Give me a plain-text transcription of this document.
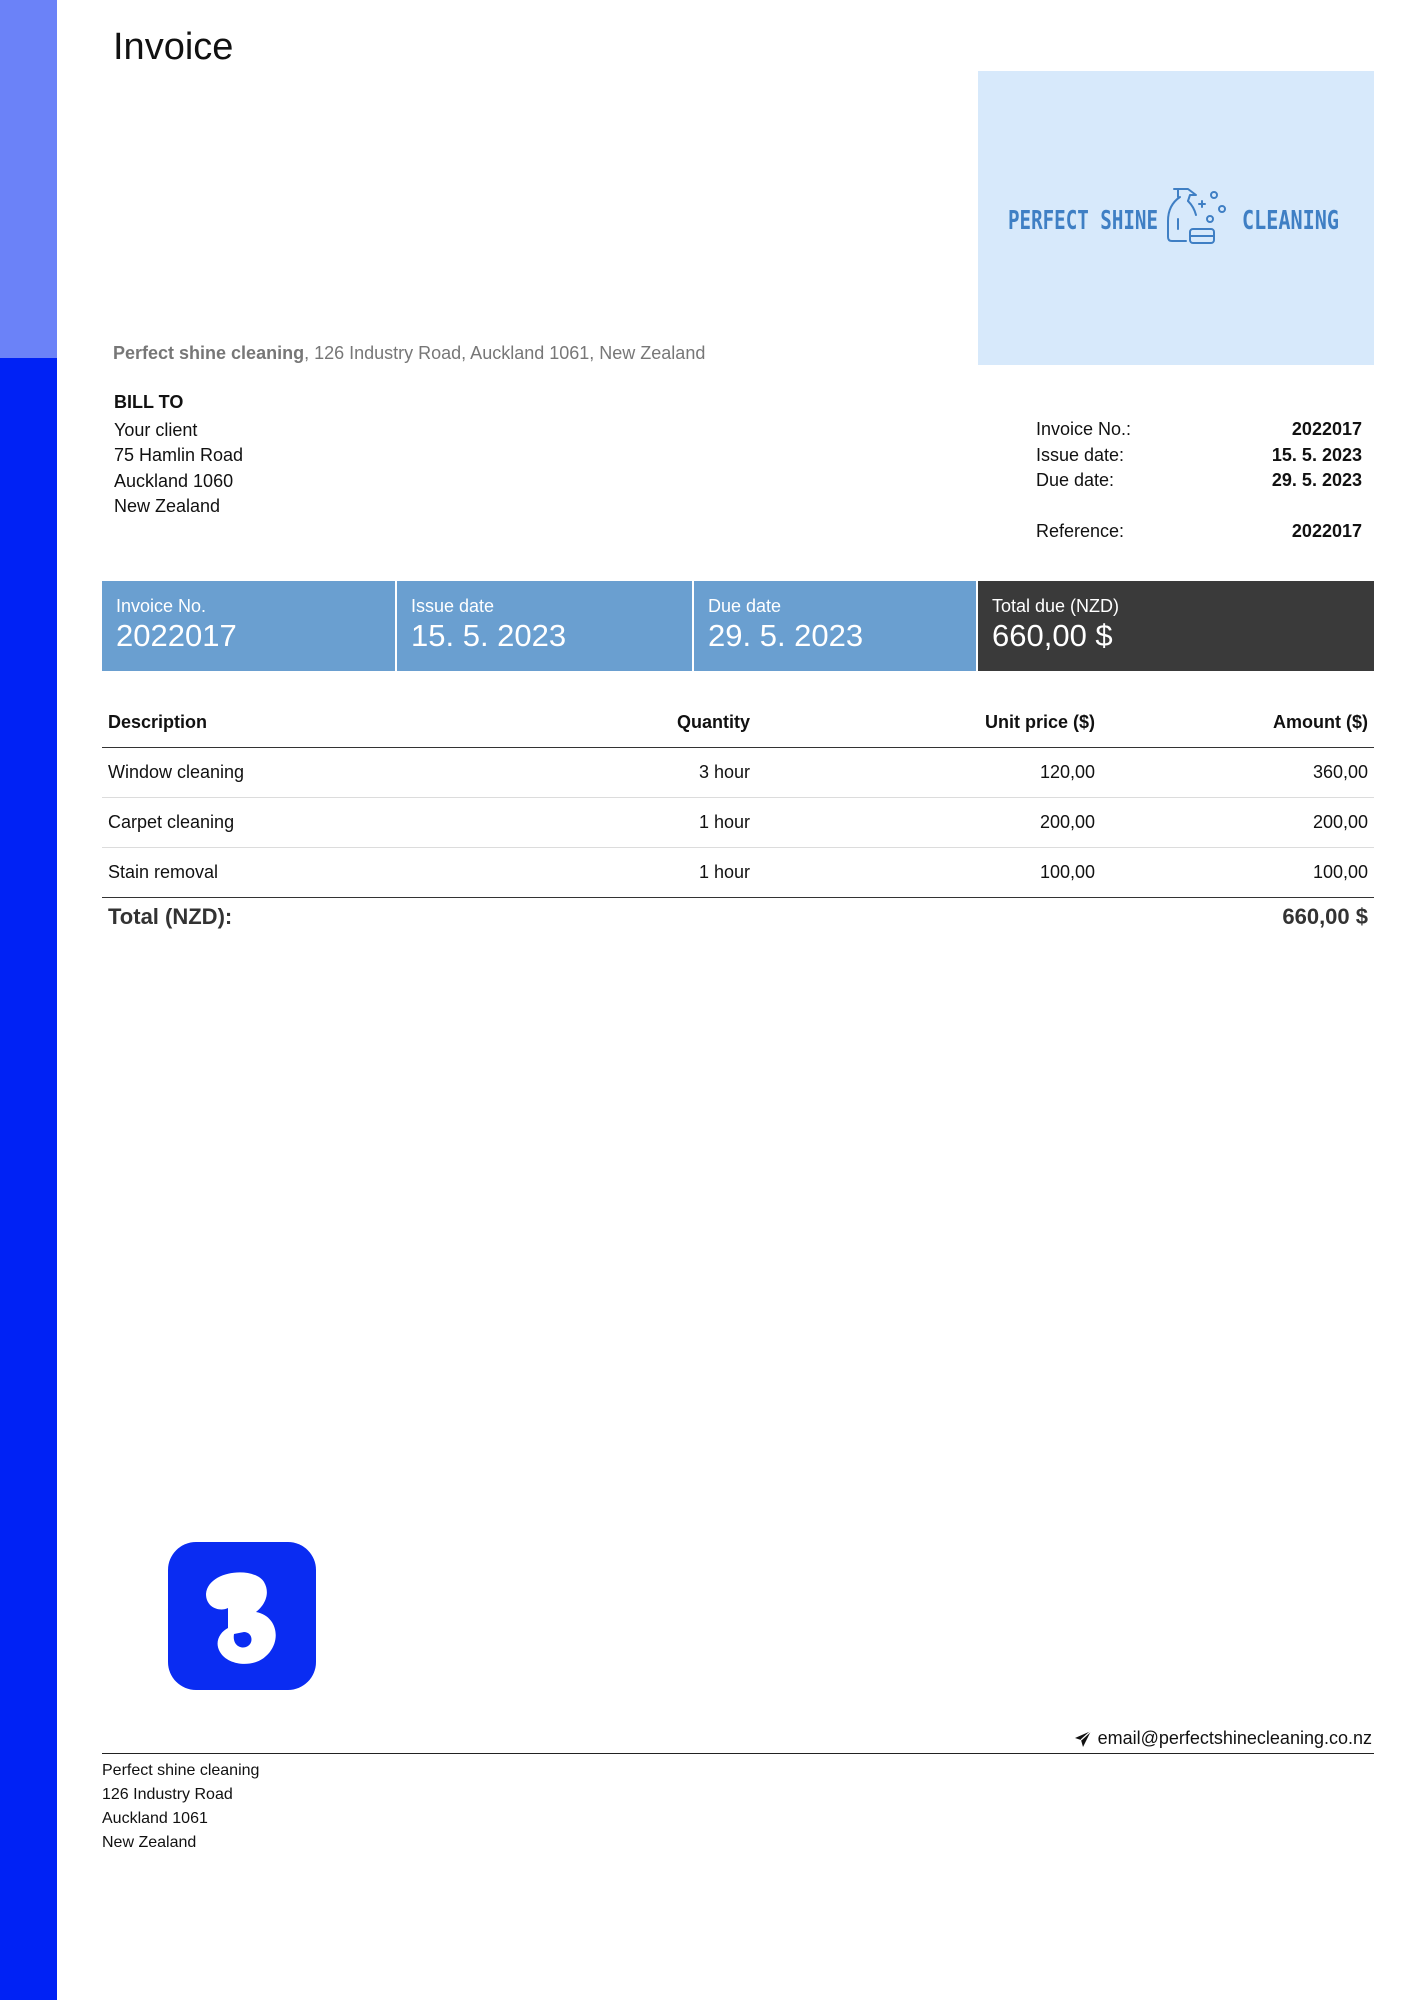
Invoice
PERFECT SHINE	CLEANING
Perfect shine cleaning, 126 Industry Road, Auckland 1061, New Zealand
BILL TO
Your client
75 Hamlin Road
Auckland 1060
New Zealand
Invoice No.:	2022017
Issue date:	15. 5. 2023
Due date:	29. 5. 2023
Reference:	2022017
Invoice No.
2022017
Issue date
15. 5. 2023
Due date
29. 5. 2023
Total due (NZD)
660,00 $
Description	Quantity	Unit price ($)	Amount ($)
Window cleaning	3 hour	120,00	360,00
Carpet cleaning	1 hour	200,00	200,00
Stain removal	1 hour	100,00	100,00
Total (NZD):	660,00 $
email@perfectshinecleaning.co.nz
Perfect shine cleaning
126 Industry Road
Auckland 1061
New Zealand
